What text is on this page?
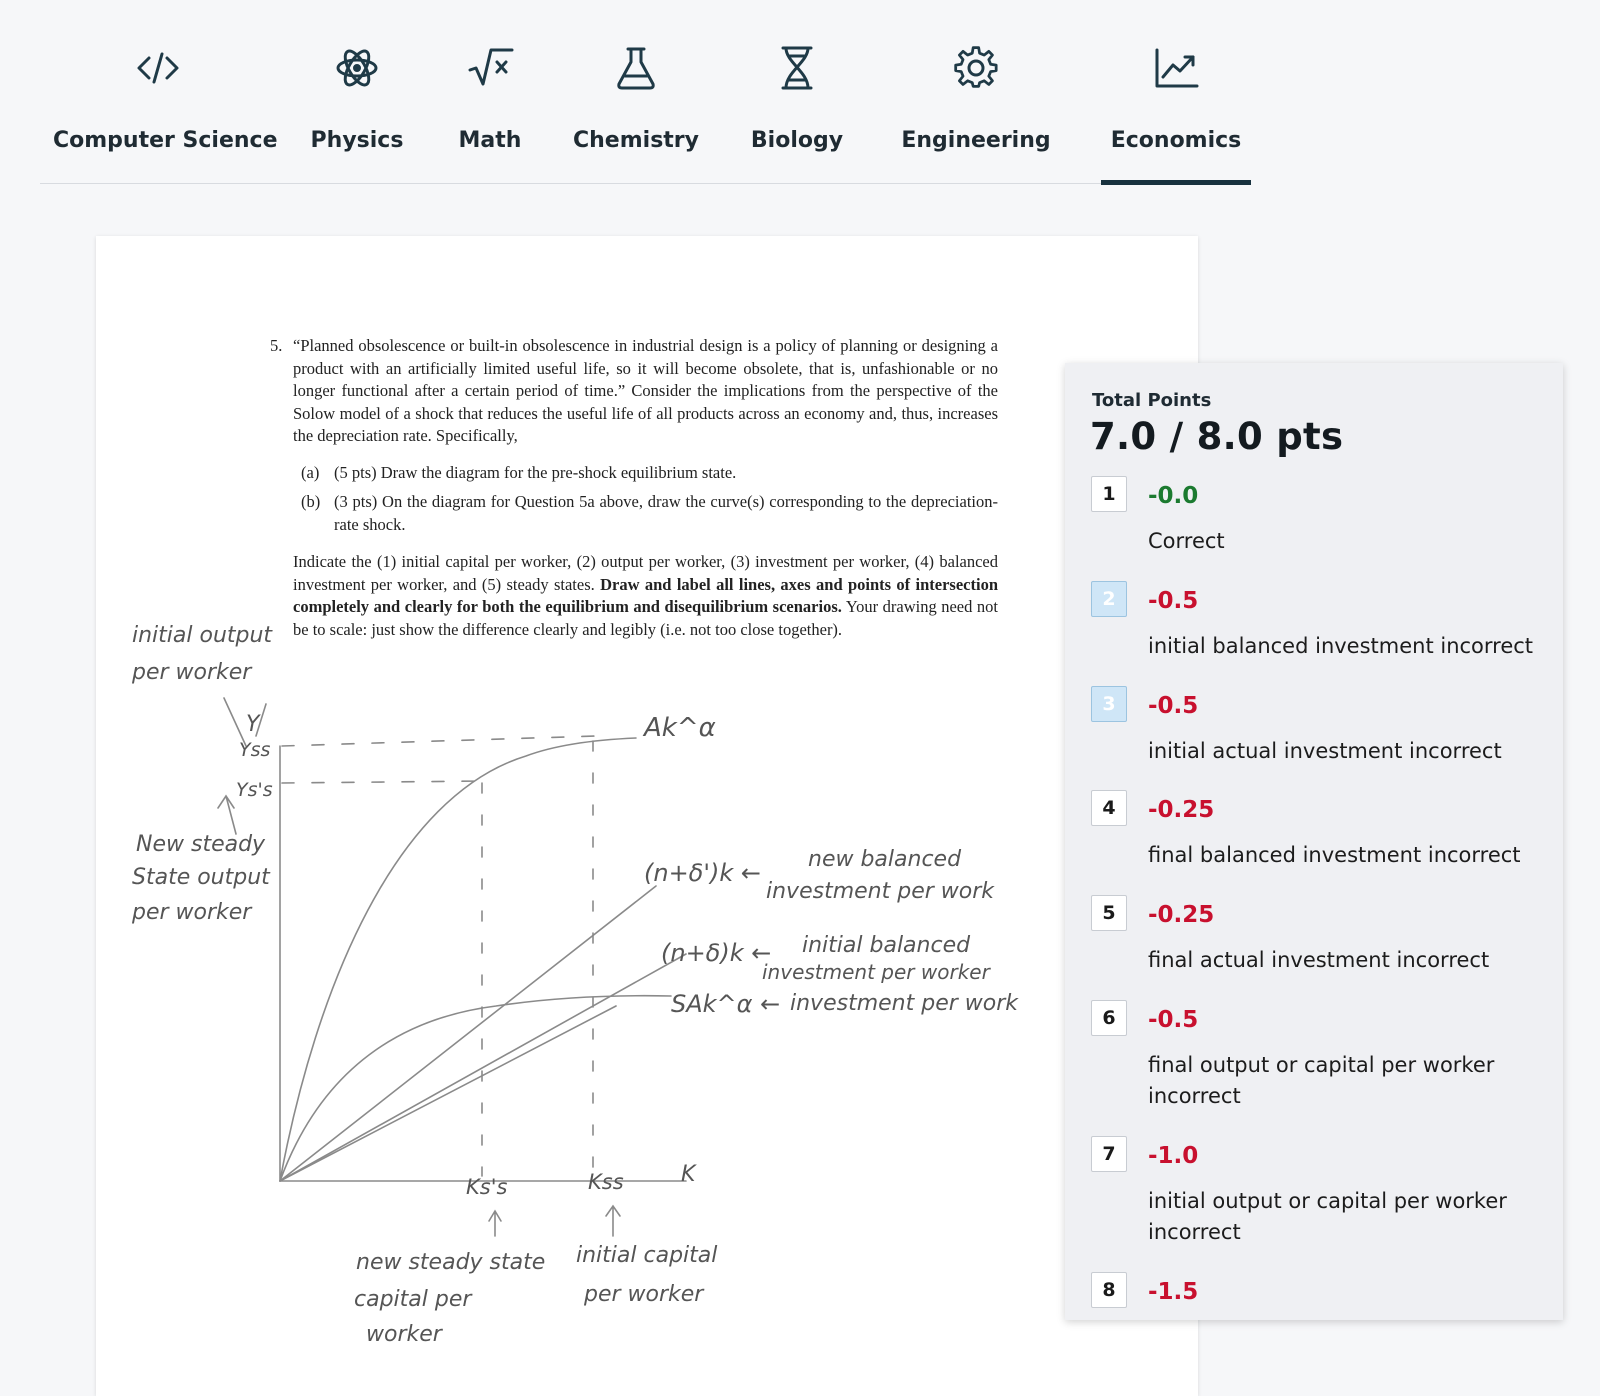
Computer Science	Physics	Math	Chemistry	Biology	Engineering	Economics
5. “Planned obsolescence or built-in obsolescence in industrial design is a policy of planning or designing a product with an artificially limited useful life, so it will become obsolete, that is, unfashionable or no longer functional after a certain period of time.” Consider the implications from the perspective of the Solow model of a shock that reduces the useful life of all products across an economy and, thus, increases the depreciation rate. Specifically,

(a) (5 pts) Draw the diagram for the pre-shock equilibrium state.
(b) (3 pts) On the diagram for Question 5a above, draw the curve(s) corresponding to the depreciation-rate shock.

Indicate the (1) initial capital per worker, (2) output per worker, (3) investment per worker, (4) balanced investment per worker, and (5) steady states. Draw and label all lines, axes and points of intersection completely and clearly for both the equilibrium and disequilibrium scenarios. Your drawing need not be to scale: just show the difference clearly and legibly (i.e. not too close together).

initial output
per worker
Y
Yss
Ys's
New steady
State output
per worker
Ak^α
(n+δ')k ← new balanced
investment per work
(n+δ)k ← initial balanced
investment per worker
SAk^α ← investment per work
Ks's	Kss	K
new steady state
capital per
worker
initial capital
per worker
Total Points
7.0 / 8.0 pts
1	-0.0
Correct
2	-0.5
initial balanced investment incorrect
3	-0.5
initial actual investment incorrect
4	-0.25
final balanced investment incorrect
5	-0.25
final actual investment incorrect
6	-0.5
final output or capital per worker incorrect
7	-1.0
initial output or capital per worker incorrect
8	-1.5
